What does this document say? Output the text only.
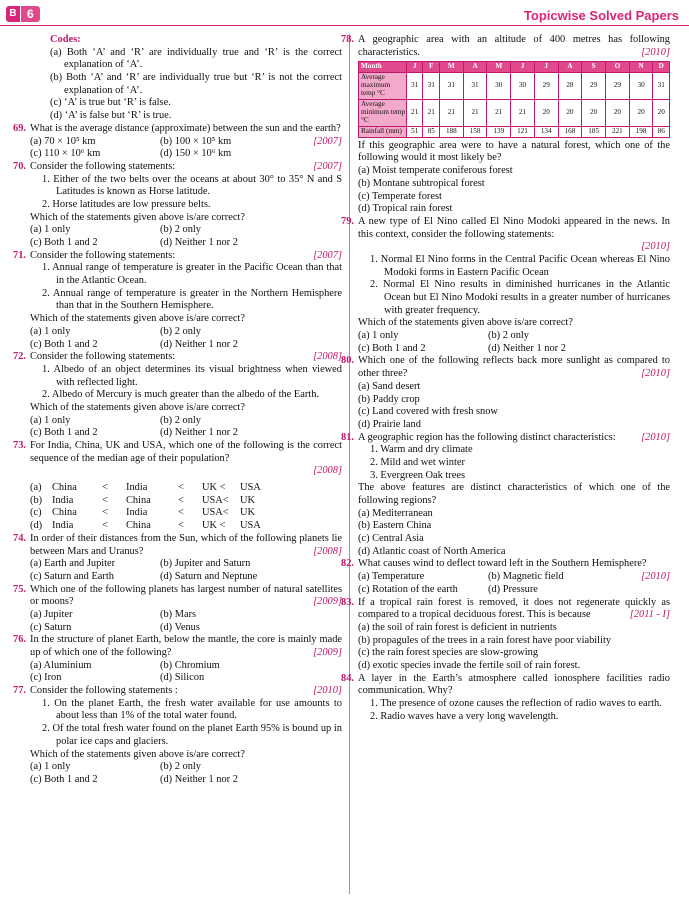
B 6	Topicwise Solved Papers
Codes:
(a) Both ‘A’ and ‘R’ are individually true and ‘R’ is the correct explanation of ‘A’.
(b) Both ‘A’ and ‘R’ are individually true but ‘R’ is not the correct explanation of ‘A’.
(c) ‘A’ is true but ‘R’ is false.
(d) ‘A’ is false but ‘R’ is true.
69. What is the average distance (approximate) between the sun and the earth?
[2007]
(a) 70 × 10⁵ km	(b) 100 × 10⁵ km
(c) 110 × 10⁶ km	(d) 150 × 10⁶ km
70. Consider the following statements:	[2007]
1. Either of the two belts over the oceans at about 30° to 35° N and S Latitudes is known as Horse latitude.
2. Horse latitudes are low pressure belts.
Which of the statements given above is/are correct?
(a) 1 only	(b) 2 only
(c) Both 1 and 2	(d) Neither 1 nor 2
71. Consider the following statements:	[2007]
1. Annual range of temperature is greater in the Pacific Ocean than that in the Atlantic Ocean.
2. Annual range of temperature is greater in the Northern Hemisphere than that in the Southern Hemisphere.
Which of the statements given above is/are correct?
(a) 1 only	(b) 2 only
(c) Both 1 and 2	(d) Neither 1 nor 2
72. Consider the following statements:	[2008]
1. Albedo of an object determines its visual brightness when viewed with reflected light.
2. Albedo of Mercury is much greater than the albedo of the Earth.
Which of the statements given above is/are correct?
(a) 1 only	(b) 2 only
(c) Both 1 and 2	(d) Neither 1 nor 2
73. For India, China, UK and USA, which one of the following is the correct sequence of the median age of their population?
[2008]
(a)	China	<	India	<	UK <	USA
(b) India	<	China	<	USA<	UK
(c)	China	<	India	<	USA<	UK
(d) India	<	China	<	UK <	USA
74. In order of their distances from the Sun, which of the following planets lie between Mars and Uranus?	[2008]
(a) Earth and Jupiter	(b) Jupiter and Saturn
(c) Saturn and Earth	(d) Saturn and Neptune
75. Which one of the following planets has largest number of natural satellites or moons?	[2009]
(a) Jupiter	(b) Mars
(c) Saturn	(d) Venus
76. In the structure of planet Earth, below the mantle, the core is mainly made up of which one of the following?	[2009]
(a) Aluminium	(b) Chromium
(c) Iron	(d) Silicon
77. Consider the following statements :	[2010]
1. On the planet Earth, the fresh water available for use amounts to about less than 1% of the total water found.
2. Of the total fresh water found on the planet Earth 95% is bound up in polar ice caps and glaciers.
Which of the statements given above is/are correct?
(a) 1 only	(b) 2 only
(c) Both 1 and 2	(d) Neither 1 nor 2
78. A geographic area with an altitude of 400 metres has following characteristics.	[2010]
Month	J	F	M	A	M	J	J	A	S	O	N	D
Average maximum temp °C	31	31	31	31	30	30	29	28	29	29	30	31
Average minimum temp °C	21	21	21	21	21	21	20	20	20	20	20	20
Rainfall (mm)	51	85	188	158	139	121	134	168	185	221	198	86
If this geographic area were to have a natural forest, which one of the following would it most likely be?
(a) Moist temperate coniferous forest
(b) Montane subtropical forest
(c) Temperate forest
(d) Tropical rain forest
79. A new type of El Nino called El Nino Modoki appeared in the news. In this context, consider the following statements:
[2010]
1. Normal El Nino forms in the Central Pacific Ocean whereas El Nino Modoki forms in Eastern Pacific Ocean
2. Normal El Nino results in diminished hurricanes in the Atlantic Ocean but El Nino Modoki results in a greater number of hurricanes with greater frequency.
Which of the statements given above is/are correct?
(a) 1 only	(b) 2 only
(c) Both 1 and 2	(d) Neither 1 nor 2
80. Which one of the following reflects back more sunlight as compared to other three?	[2010]
(a) Sand desert
(b) Paddy crop
(c) Land covered with fresh snow
(d) Prairie land
81. A geographic region has the following distinct characteristics: [2010]
1. Warm and dry climate
2. Mild and wet winter
3. Evergreen Oak trees
The above features are distinct characteristics of which one of the following regions?
(a) Mediterranean
(b) Eastern China
(c) Central Asia
(d) Atlantic coast of North America
82. What causes wind to deflect toward left in the Southern Hemisphere?
[2010]
(a) Temperature	(b) Magnetic field
(c) Rotation of the earth	(d) Pressure
83. If a tropical rain forest is removed, it does not regenerate quickly as compared to a tropical deciduous forest. This is because	[2011 - I]
(a) the soil of rain forest is deficient in nutrients
(b) propagules of the trees in a rain forest have poor viability
(c) the rain forest species are slow-growing
(d) exotic species invade the fertile soil of rain forest.
84. A layer in the Earth’s atmosphere called ionosphere facilities radio communication. Why?
1. The presence of ozone causes the reflection of radio waves to earth.
2. Radio waves have a very long wavelength.
